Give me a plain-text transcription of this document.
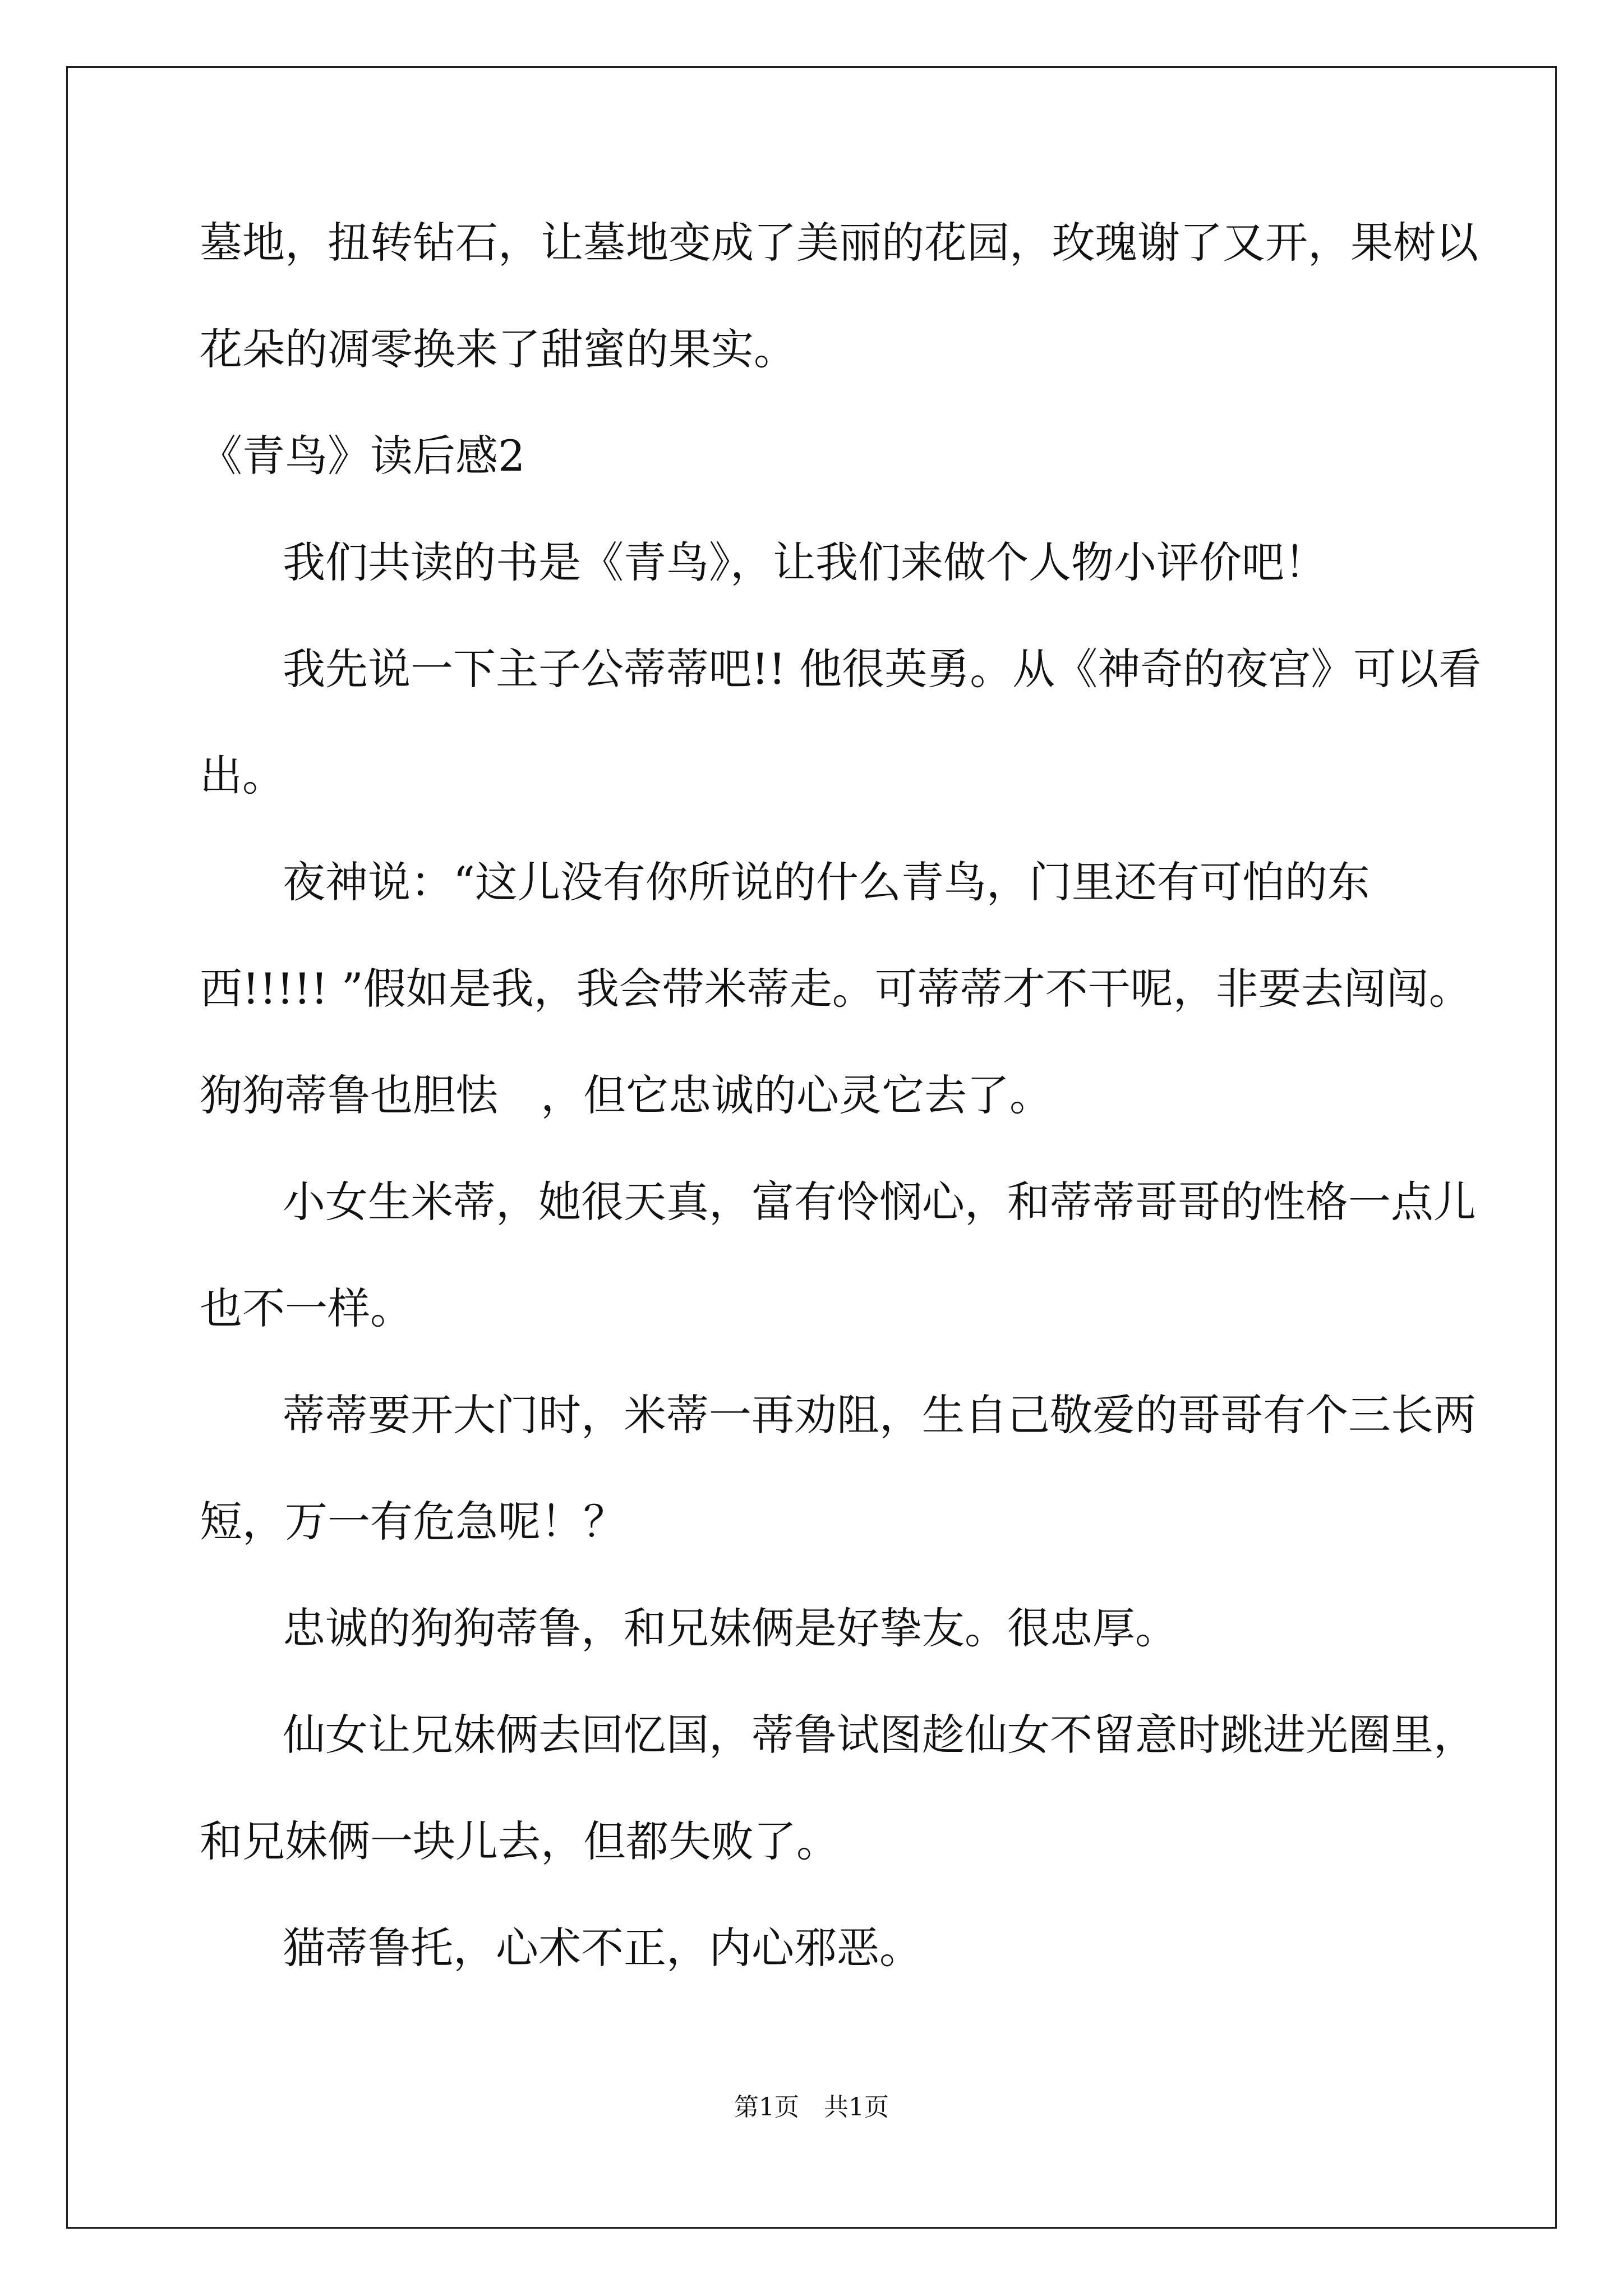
墓地，扭转钻石，让墓地变成了美丽的花园，玫瑰谢了又开，果树以
花朵的凋零换来了甜蜜的果实。
《青鸟》读后感2
我们共读的书是《青鸟》，让我们来做个人物小评价吧！
我先说一下主子公蒂蒂吧!! 他很英勇。从《神奇的夜宫》可以看
出。
夜神说：“这儿没有你所说的什么青鸟，门里还有可怕的东
西!!!!! ”假如是我，我会带米蒂走。可蒂蒂才不干呢，非要去闯闯。
狗狗蒂鲁也胆怯　，但它忠诚的心灵它去了。
小女生米蒂，她很天真，富有怜悯心，和蒂蒂哥哥的性格一点儿
也不一样。
蒂蒂要开大门时，米蒂一再劝阻，生自己敬爱的哥哥有个三长两
短，万一有危急呢！？
忠诚的狗狗蒂鲁，和兄妹俩是好挚友。很忠厚。
仙女让兄妹俩去回忆国，蒂鲁试图趁仙女不留意时跳进光圈里，
和兄妹俩一块儿去，但都失败了。
猫蒂鲁托，心术不正，内心邪恶。
第1页 共1页
